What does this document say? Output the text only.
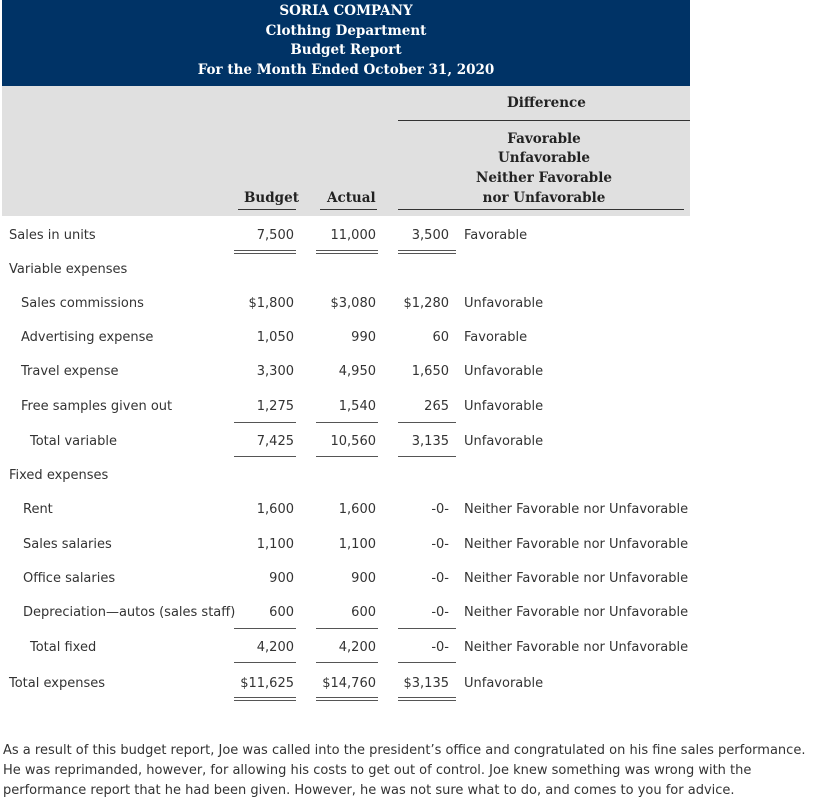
SORIA COMPANY
Clothing Department
Budget Report
For the Month Ended October 31, 2020
Difference
Favorable
Unfavorable
Neither Favorable
nor Unfavorable
Budget Actual
Sales in units	7,500	11,000	3,500 Favorable
Variable expenses
Sales commissions	$1,800	$3,080	$1,280 Unfavorable
Advertising expense	1,050	990	60 Favorable
Travel expense	3,300	4,950	1,650 Unfavorable
Free samples given out	1,275	1,540	265 Unfavorable
Total variable	7,425	10,560	3,135 Unfavorable
Fixed expenses
Rent	1,600	1,600	-0- Neither Favorable nor Unfavorable
Sales salaries	1,100	1,100	-0- Neither Favorable nor Unfavorable
Office salaries	900	900	-0- Neither Favorable nor Unfavorable
Depreciation—autos (sales staff)	600	600	-0- Neither Favorable nor Unfavorable
Total fixed	4,200	4,200	-0- Neither Favorable nor Unfavorable
Total expenses	$11,625	$14,760	$3,135 Unfavorable
As a result of this budget report, Joe was called into the president’s office and congratulated on his fine sales performance. He was reprimanded, however, for allowing his costs to get out of control. Joe knew something was wrong with the performance report that he had been given. However, he was not sure what to do, and comes to you for advice.
